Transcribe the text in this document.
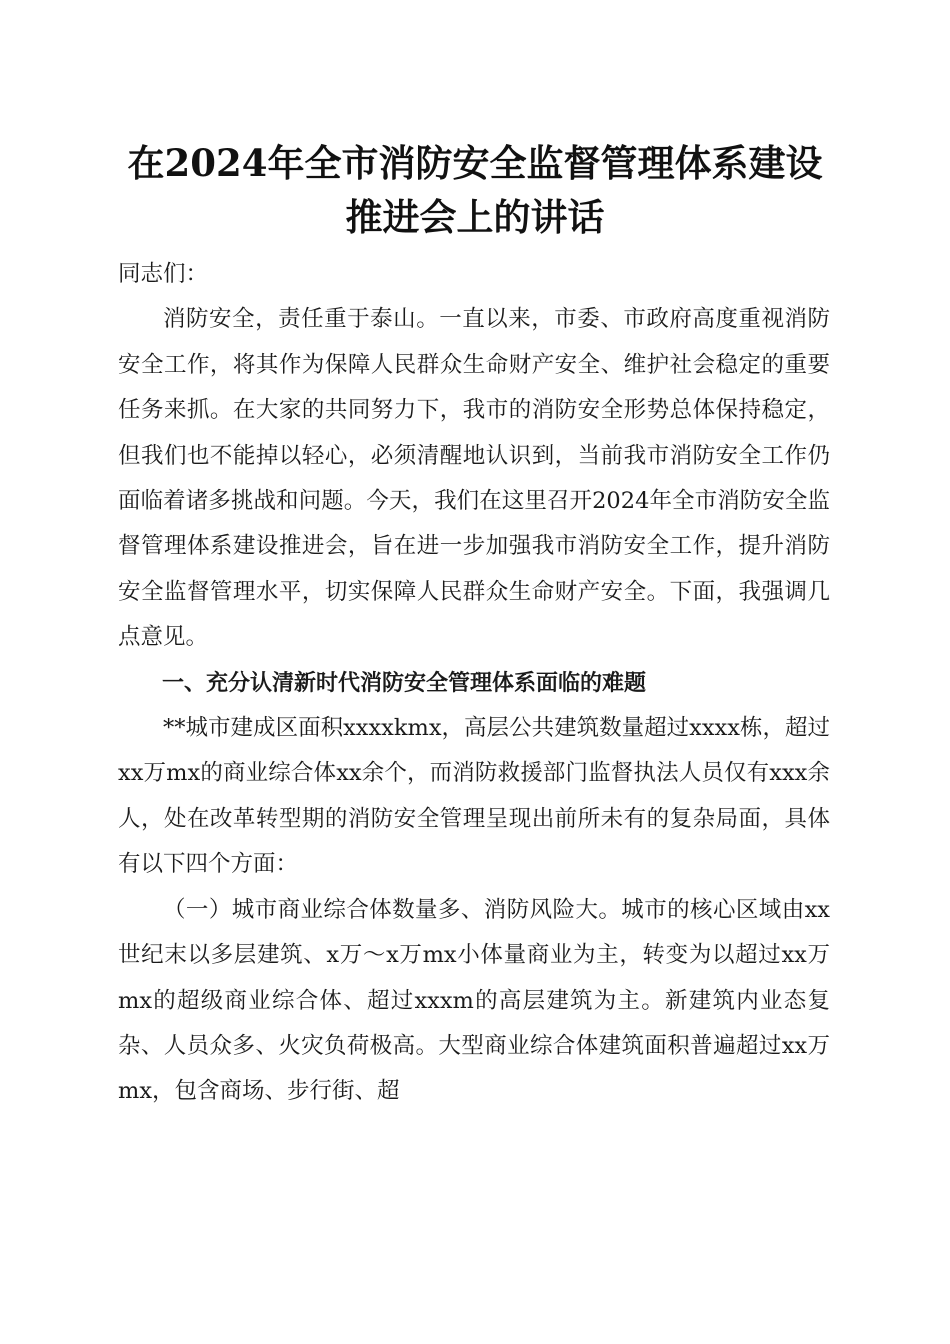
在2024年全市消防安全监督管理体系建设推进会上的讲话

同志们：

消防安全，责任重于泰山。一直以来，市委、市政府高度重视消防安全工作，将其作为保障人民群众生命财产安全、维护社会稳定的重要任务来抓。在大家的共同努力下，我市的消防安全形势总体保持稳定，但我们也不能掉以轻心，必须清醒地认识到，当前我市消防安全工作仍面临着诸多挑战和问题。今天，我们在这里召开2024年全市消防安全监督管理体系建设推进会，旨在进一步加强我市消防安全工作，提升消防安全监督管理水平，切实保障人民群众生命财产安全。下面，我强调几点意见。

一、充分认清新时代消防安全管理体系面临的难题

**城市建成区面积xxxxkmx，高层公共建筑数量超过xxxx栋，超过xx万mx的商业综合体xx余个，而消防救援部门监督执法人员仅有xxx余人，处在改革转型期的消防安全管理呈现出前所未有的复杂局面，具体有以下四个方面：

（一）城市商业综合体数量多、消防风险大。城市的核心区域由xx世纪末以多层建筑、x万～x万mx小体量商业为主，转变为以超过xx万mx的超级商业综合体、超过xxxm的高层建筑为主。新建筑内业态复杂、人员众多、火灾负荷极高。大型商业综合体建筑面积普遍超过xx万mx，包含商场、步行街、超
